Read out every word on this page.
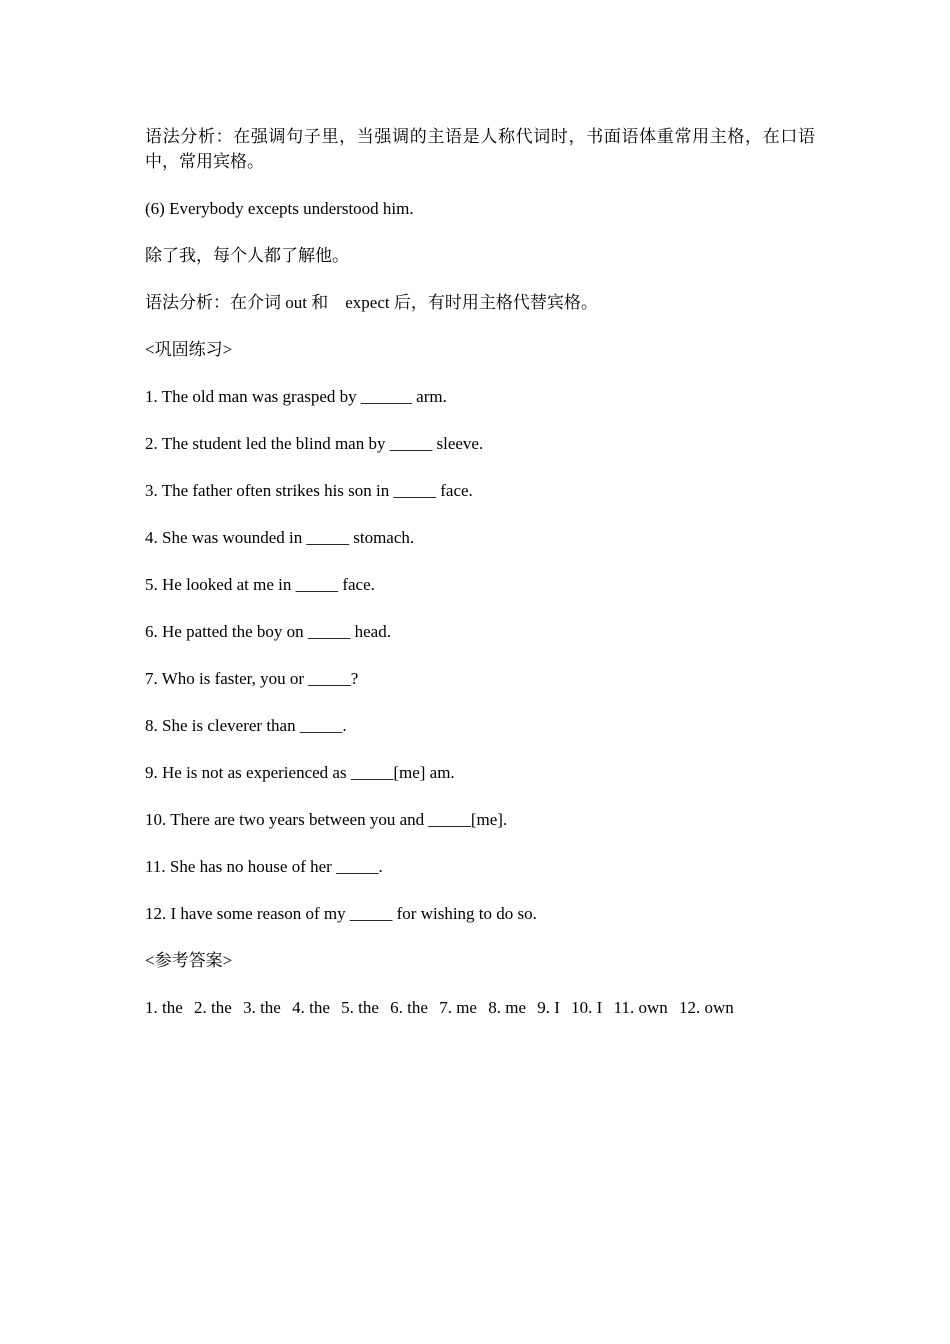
语法分析：在强调句子里，当强调的主语是人称代词时，书面语体重常用主格，在口语中，常用宾格。

(6) Everybody excepts understood him.

除了我，每个人都了解他。

语法分析：在介词 out 和    expect 后，有时用主格代替宾格。

<巩固练习>

1. The old man was grasped by ______ arm.

2. The student led the blind man by _____ sleeve.

3. The father often strikes his son in _____ face.

4. She was wounded in _____ stomach.

5. He looked at me in _____ face.

6. He patted the boy on _____ head.

7. Who is faster, you or _____?

8. She is cleverer than _____.

9. He is not as experienced as _____[me] am.

10. There are two years between you and _____[me].

11. She has no house of her _____.

12. I have some reason of my _____ for wishing to do so.

<参考答案>

1. the 2. the 3. the 4. the 5. the 6. the 7. me 8. me 9. I 10. I 11. own 12. own
